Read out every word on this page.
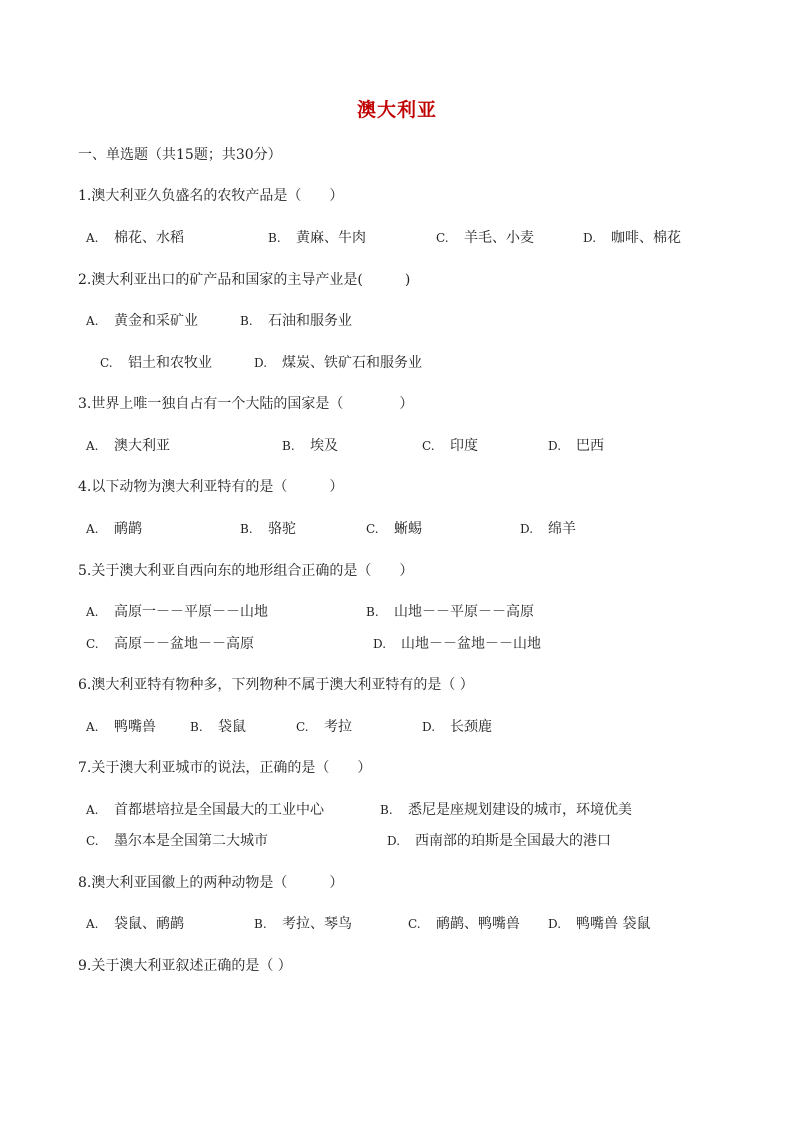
澳大利亚
一、单选题（共15题；共30分）
1.澳大利亚久负盛名的农牧产品是（　　）
A. 棉花、水稻	B. 黄麻、牛肉	C. 羊毛、小麦	D. 咖啡、棉花
2.澳大利亚出口的矿产品和国家的主导产业是(　　　)
A. 黄金和采矿业	B. 石油和服务业
C. 铝土和农牧业	D. 煤炭、铁矿石和服务业
3.世界上唯一独自占有一个大陆的国家是（　　　　）
A. 澳大利亚	B. 埃及	C. 印度	D. 巴西
4.以下动物为澳大利亚特有的是（　　　）
A. 鸸鹋	B. 骆驼	C. 蜥蜴	D. 绵羊
5.关于澳大利亚自西向东的地形组合正确的是（　　）
A. 高原一－－平原－－山地	B. 山地－－平原－－高原
C. 高原－－盆地－－高原	D. 山地－－盆地－－山地
6.澳大利亚特有物种多，下列物种不属于澳大利亚特有的是（ ）
A. 鸭嘴兽	B. 袋鼠	C. 考拉	D. 长颈鹿
7.关于澳大利亚城市的说法，正确的是（　　）
A. 首都堪培拉是全国最大的工业中心	B. 悉尼是座规划建设的城市，环境优美
C. 墨尔本是全国第二大城市	D. 西南部的珀斯是全国最大的港口
8.澳大利亚国徽上的两种动物是（　　　）
A. 袋鼠、鸸鹋	B. 考拉、琴鸟	C. 鸸鹋、鸭嘴兽 D. 鸭嘴兽 袋鼠
9.关于澳大利亚叙述正确的是（ ）
